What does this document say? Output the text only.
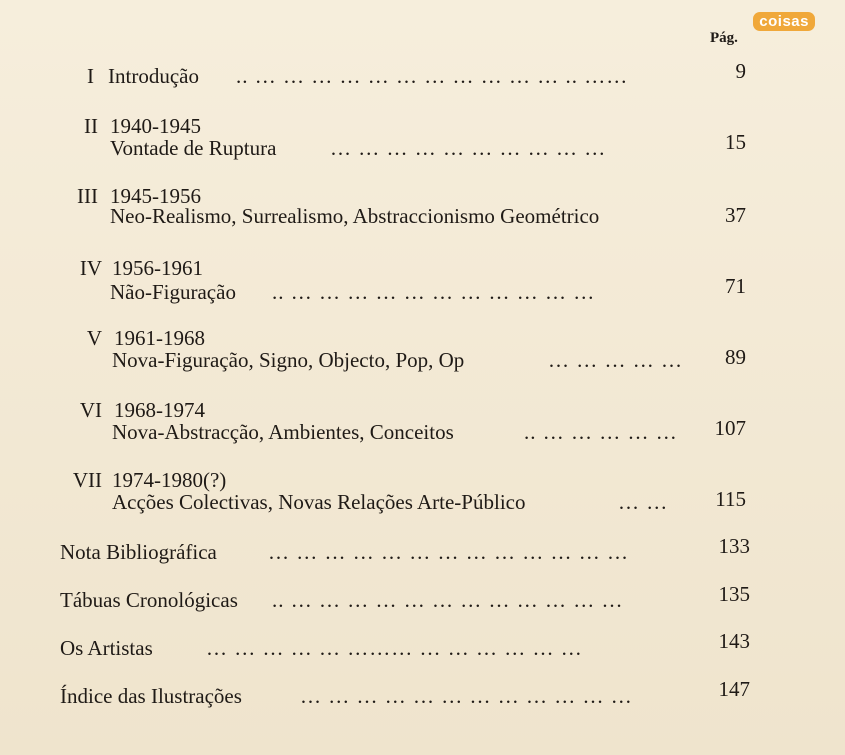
coisas
Pág.
I Introdução .. … … … … … … … … … … … .. ……	9
II 1940-1945
Vontade de Ruptura	… … … … … … … … … …	15
III 1945-1956
Neo-Realismo, Surrealismo, Abstraccionismo Geométrico	37
IV 1956-1961
Não-Figuração .. … … … … … … … … … … …	71
V 1961-1968
Nova-Figuração, Signo, Objecto, Pop, Op	… … … … …	89
VI 1968-1974
Nova-Abstracção, Ambientes, Conceitos	.. … … … … …	107
VII 1974-1980(?)
Acções Colectivas, Novas Relações Arte-Público	… …	115
Nota Bibliográfica … … … … … … … … … … … … …	133
Tábuas Cronológicas .. … … … … … … … … … … … …	135
Os Artistas	… … … … … ……… … … … … … …	143
Índice das Ilustrações	… … … … … … … … … … … …	147
